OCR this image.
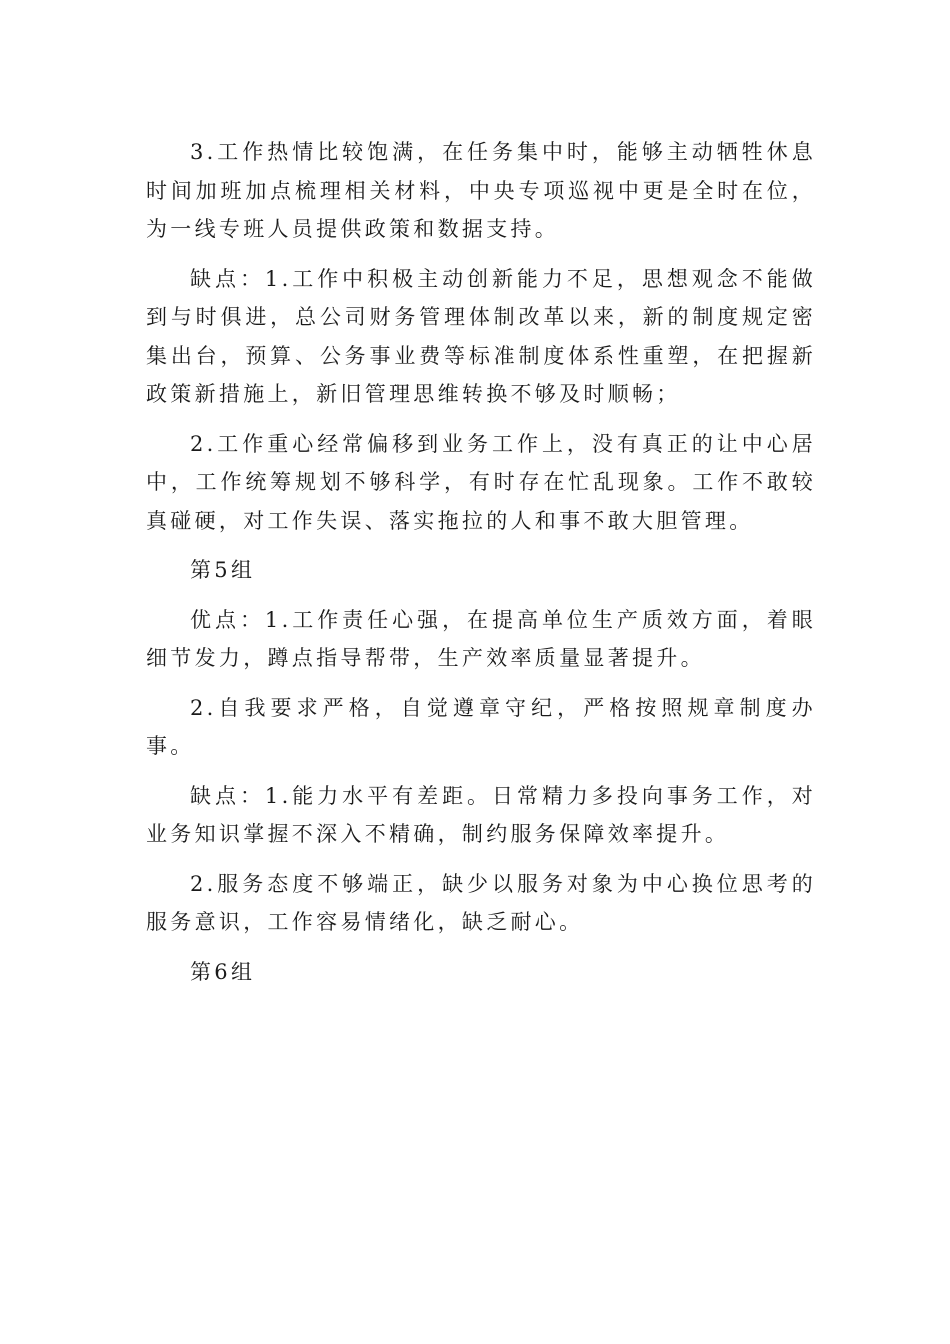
3.工作热情比较饱满，在任务集中时，能够主动牺牲休息时间加班加点梳理相关材料，中央专项巡视中更是全时在位，为一线专班人员提供政策和数据支持。

缺点：1.工作中积极主动创新能力不足，思想观念不能做到与时俱进，总公司财务管理体制改革以来，新的制度规定密集出台，预算、公务事业费等标准制度体系性重塑，在把握新政策新措施上，新旧管理思维转换不够及时顺畅；

2.工作重心经常偏移到业务工作上，没有真正的让中心居中，工作统筹规划不够科学，有时存在忙乱现象。工作不敢较真碰硬，对工作失误、落实拖拉的人和事不敢大胆管理。

第5组

优点：1.工作责任心强，在提高单位生产质效方面，着眼细节发力，蹲点指导帮带，生产效率质量显著提升。

2.自我要求严格，自觉遵章守纪，严格按照规章制度办事。

缺点：1.能力水平有差距。日常精力多投向事务工作，对业务知识掌握不深入不精确，制约服务保障效率提升。

2.服务态度不够端正，缺少以服务对象为中心换位思考的服务意识，工作容易情绪化，缺乏耐心。

第6组
